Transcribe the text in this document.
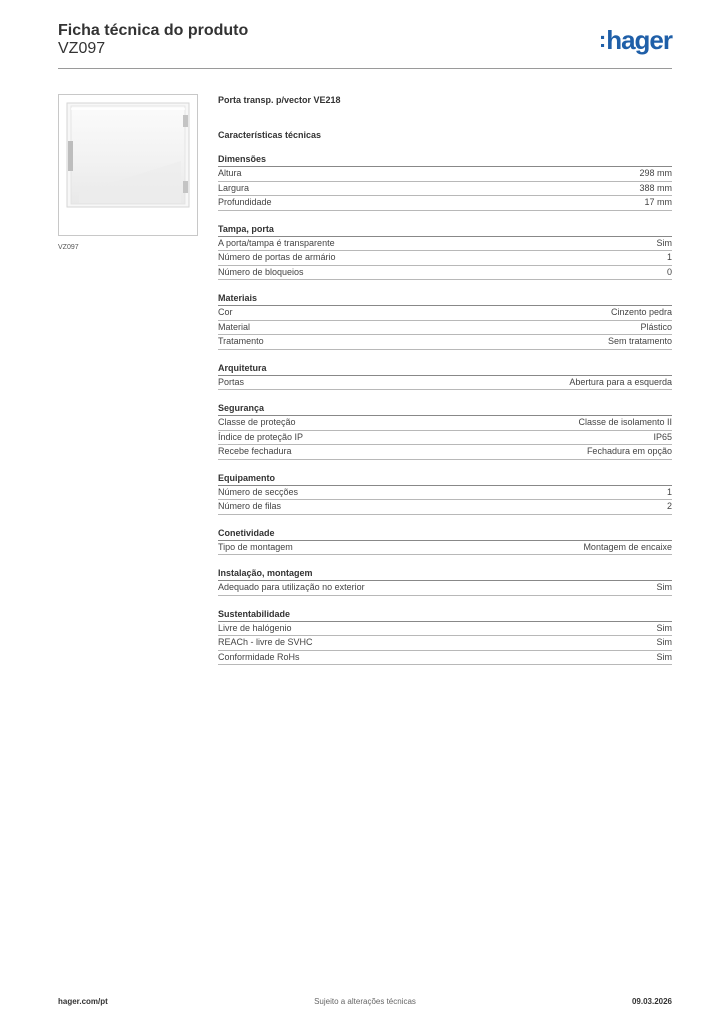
Ficha técnica do produto
VZ097	:hager
VZ097
Porta transp. p/vector VE218
Características técnicas
Dimensões
Altura	298 mm
Largura	388 mm
Profundidade	17 mm
Tampa, porta
A porta/tampa é transparente	Sim
Número de portas de armário	1
Número de bloqueios	0
Materiais
Cor	Cinzento pedra
Material	Plástico
Tratamento	Sem tratamento
Arquitetura
Portas	Abertura para a esquerda
Segurança
Classe de proteção	Classe de isolamento II
Índice de proteção IP	IP65
Recebe fechadura	Fechadura em opção
Equipamento
Número de secções	1
Número de filas	2
Conetividade
Tipo de montagem	Montagem de encaixe
Instalação, montagem
Adequado para utilização no exterior	Sim
Sustentabilidade
Livre de halógenio	Sim
REACh - livre de SVHC	Sim
Conformidade RoHs	Sim
hager.com/pt	Sujeito a alterações técnicas	09.03.2026
